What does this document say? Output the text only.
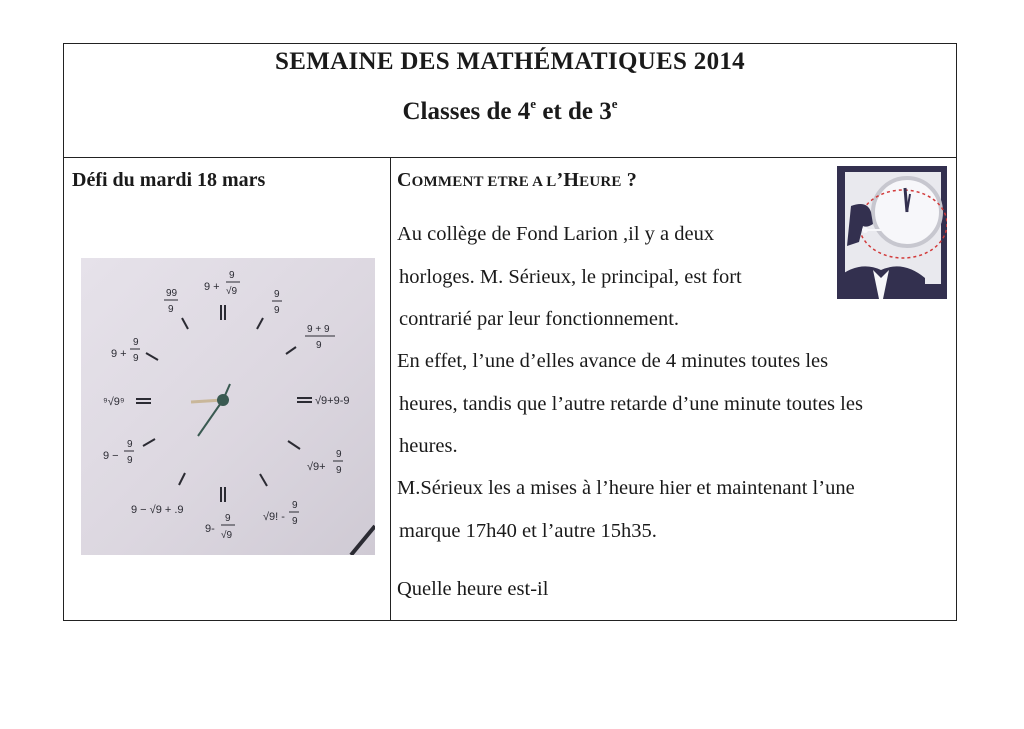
SEMAINE DES MATHÉMATIQUES 2014
Classes de 4e et de 3e
Défi du mardi 18 mars
9 +
9
√9	9
9
9 + 9
9
√9+9-9
√9+
9
9
√9! -
9
9
9-
9
√9
9 − √9 + .9
9 −
9
9
⁹√9⁹
9 +
9
9
99
9
COMMENT ETRE A L’HEURE ?
Au collège de Fond Larion ,il y a deux
horloges. M. Sérieux, le principal, est fort
contrarié par leur fonctionnement.
En effet, l’une d’elles avance de 4 minutes toutes les
heures, tandis que l’autre retarde d’une minute toutes les
heures.
M.Sérieux les a mises à l’heure hier et maintenant l’une
marque 17h40 et l’autre 15h35.
Quelle heure est-il
